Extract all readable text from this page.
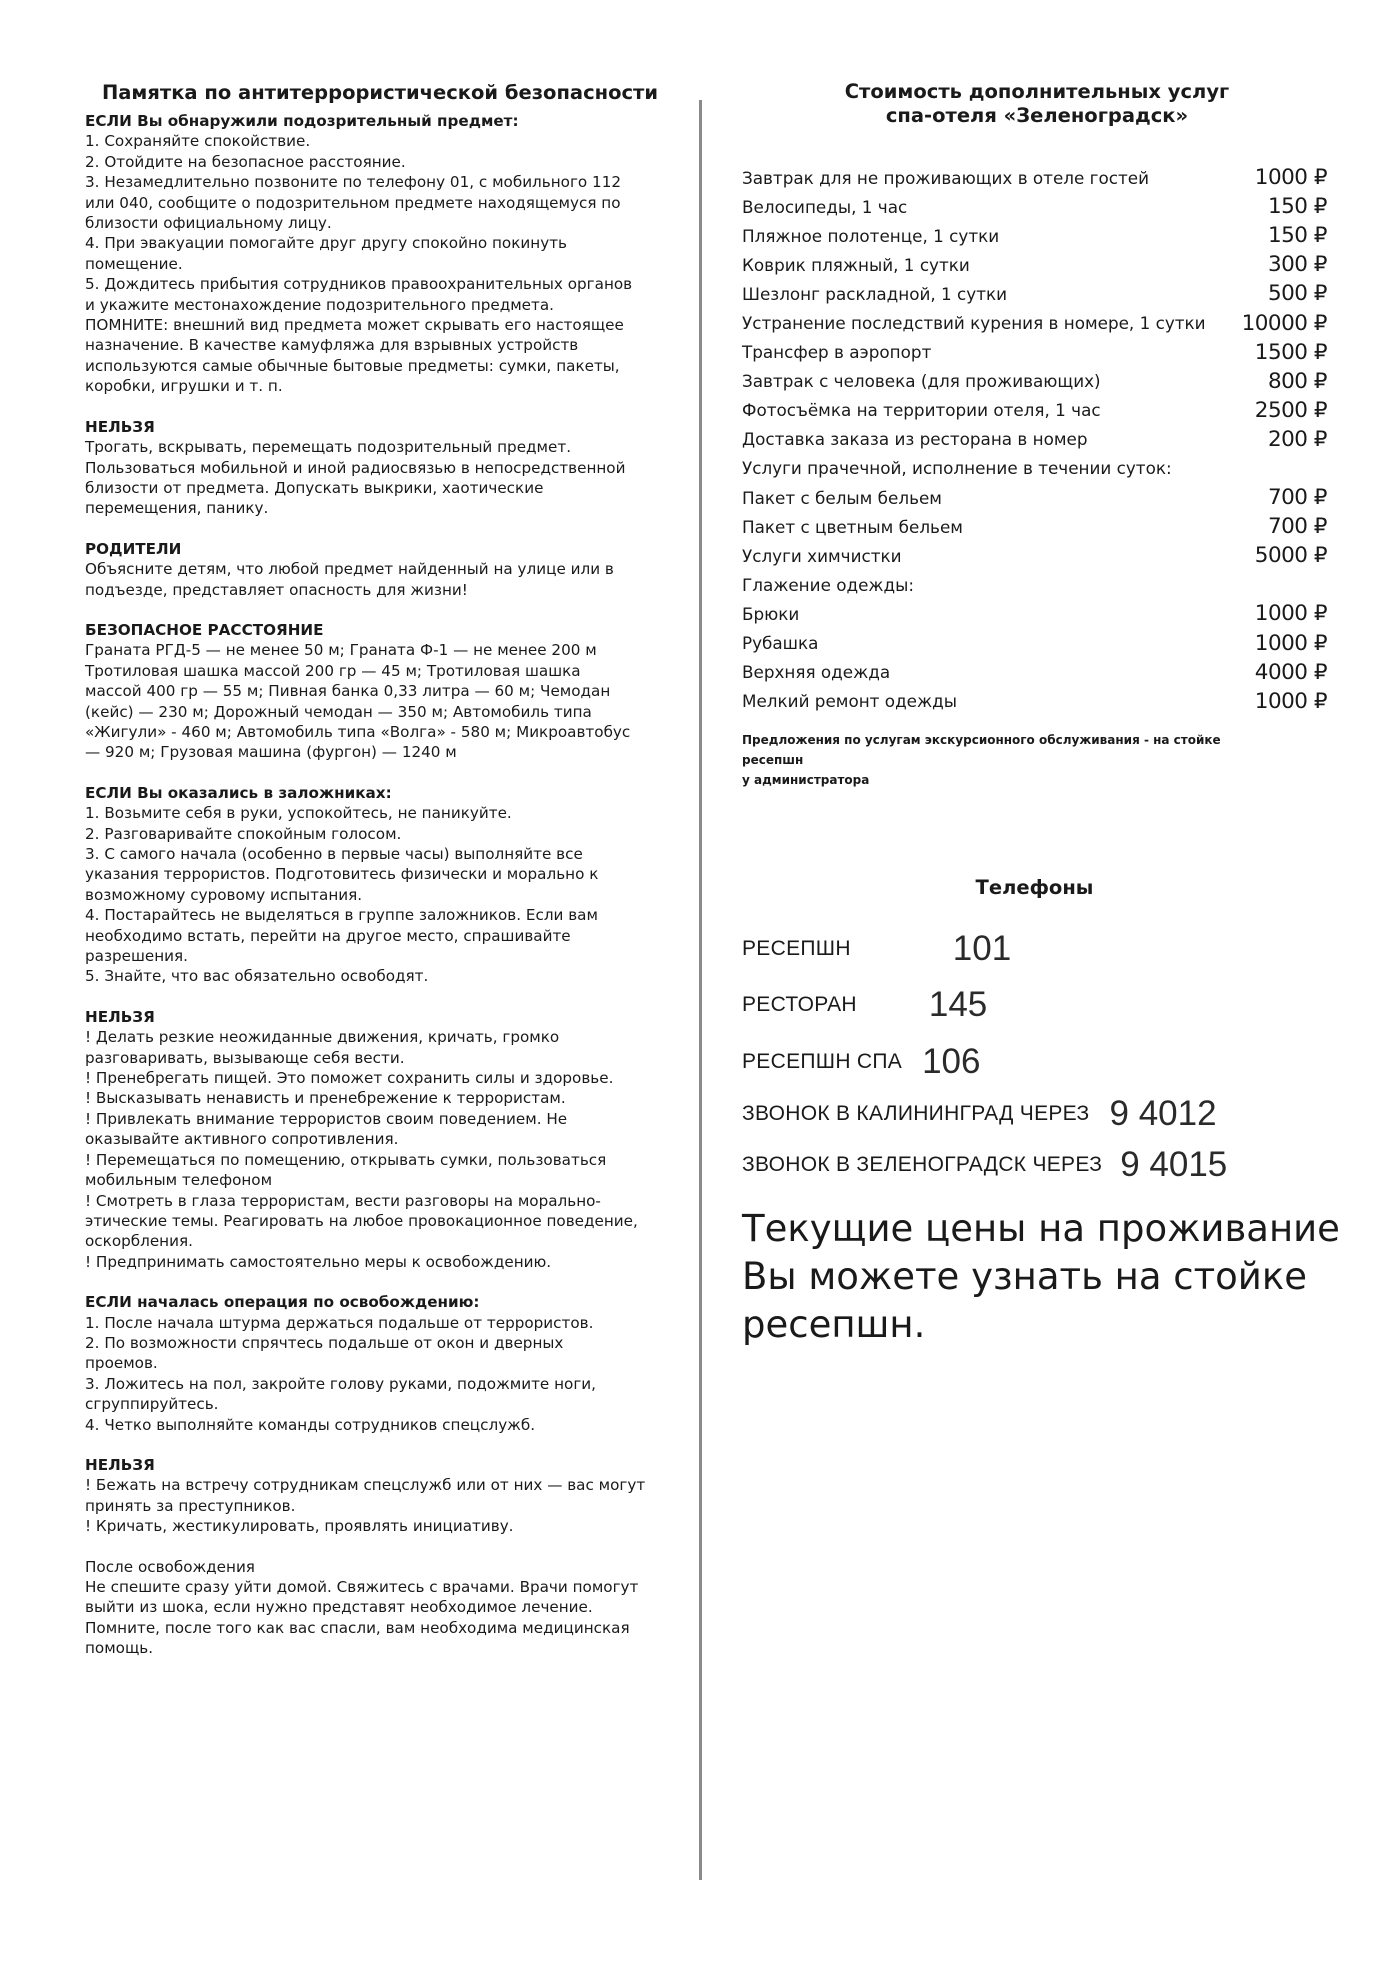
Памятка по антитеррористической безопасности
ЕСЛИ Вы обнаружили подозрительный предмет:
1. Сохраняйте спокойствие.
2. Отойдите на безопасное расстояние.
3. Незамедлительно позвоните по телефону 01, с мобильного 112
или 040, сообщите о подозрительном предмете находящемуся по
близости официальному лицу.
4. При эвакуации помогайте друг другу спокойно покинуть
помещение.
5. Дождитесь прибытия сотрудников правоохранительных органов
и укажите местонахождение подозрительного предмета.
ПОМНИТЕ: внешний вид предмета может скрывать его настоящее
назначение. В качестве камуфляжа для взрывных устройств
используются самые обычные бытовые предметы: сумки, пакеты,
коробки, игрушки и т. п.
НЕЛЬЗЯ
Трогать, вскрывать, перемещать подозрительный предмет.
Пользоваться мобильной и иной радиосвязью в непосредственной
близости от предмета. Допускать выкрики, хаотические
перемещения, панику.
РОДИТЕЛИ
Объясните детям, что любой предмет найденный на улице или в
подъезде, представляет опасность для жизни!
БЕЗОПАСНОЕ РАССТОЯНИЕ
Граната РГД-5 — не менее 50 м; Граната Ф-1 — не менее 200 м
Тротиловая шашка массой 200 гр — 45 м; Тротиловая шашка
массой 400 гр — 55 м; Пивная банка 0,33 литра — 60 м; Чемодан
(кейс) — 230 м; Дорожный чемодан — 350 м; Автомобиль типа
«Жигули» - 460 м; Автомобиль типа «Волга» - 580 м; Микроавтобус
— 920 м; Грузовая машина (фургон) — 1240 м
ЕСЛИ Вы оказались в заложниках:
1. Возьмите себя в руки, успокойтесь, не паникуйте.
2. Разговаривайте спокойным голосом.
3. С самого начала (особенно в первые часы) выполняйте все
указания террористов. Подготовитесь физически и морально к
возможному суровому испытания.
4. Постарайтесь не выделяться в группе заложников. Если вам
необходимо встать, перейти на другое место, спрашивайте
разрешения.
5. Знайте, что вас обязательно освободят.
НЕЛЬЗЯ
! Делать резкие неожиданные движения, кричать, громко
разговаривать, вызывающе себя вести.
! Пренебрегать пищей. Это поможет сохранить силы и здоровье.
! Высказывать ненависть и пренебрежение к террористам.
! Привлекать внимание террористов своим поведением. Не
оказывайте активного сопротивления.
! Перемещаться по помещению, открывать сумки, пользоваться
мобильным телефоном
! Смотреть в глаза террористам, вести разговоры на морально-
этические темы. Реагировать на любое провокационное поведение,
оскорбления.
! Предпринимать самостоятельно меры к освобождению.
ЕСЛИ началась операция по освобождению:
1. После начала штурма держаться подальше от террористов.
2. По возможности спрячтесь подальше от окон и дверных
проемов.
3. Ложитесь на пол, закройте голову руками, подожмите ноги,
сгруппируйтесь.
4. Четко выполняйте команды сотрудников спецслужб.
НЕЛЬЗЯ
! Бежать на встречу сотрудникам спецслужб или от них — вас могут
принять за преступников.
! Кричать, жестикулировать, проявлять инициативу.
После освобождения
Не спешите сразу уйти домой. Свяжитесь с врачами. Врачи помогут
выйти из шока, если нужно представят необходимое лечение.
Помните, после того как вас спасли, вам необходима медицинская
помощь.
Стоимость дополнительных услуг
спа-отеля «Зеленоградск»
Завтрак для не проживающих в отеле гостей	1000 ₽
Велосипеды, 1 час	150 ₽
Пляжное полотенце, 1 сутки	150 ₽
Коврик пляжный, 1 сутки	300 ₽
Шезлонг раскладной, 1 сутки	500 ₽
Устранение последствий курения в номере, 1 сутки 10000 ₽
Трансфер в аэропорт	1500 ₽
Завтрак с человека (для проживающих)	800 ₽
Фотосъёмка на территории отеля, 1 час	2500 ₽
Доставка заказа из ресторана в номер	200 ₽
Услуги прачечной, исполнение в течении суток:
Пакет с белым бельем	700 ₽
Пакет с цветным бельем	700 ₽
Услуги химчистки	5000 ₽
Глажение одежды:
Брюки	1000 ₽
Рубашка	1000 ₽
Верхняя одежда	4000 ₽
Мелкий ремонт одежды	1000 ₽
Предложения по услугам экскурсионного обслуживания - на стойке ресепшн
у администратора
Телефоны
РЕСЕПШН	101
РЕСТОРАН 145
РЕСЕПШН СПА 106
ЗВОНОК В КАЛИНИНГРАД ЧЕРЕЗ 9 4012
ЗВОНОК В ЗЕЛЕНОГРАДСК ЧЕРЕЗ 9 4015
Текущие цены на проживание
Вы можете узнать на стойке
ресепшн.
